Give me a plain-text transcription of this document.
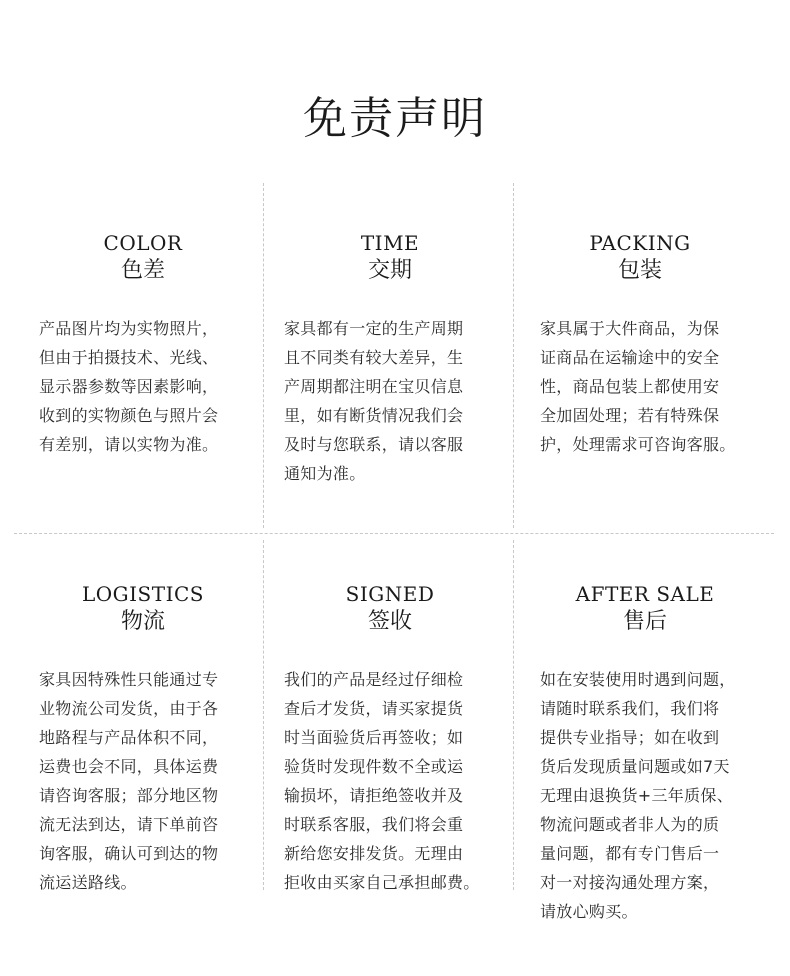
免责声明

COLOR

色差

产品图片均为实物照片，
但由于拍摄技术、光线、
显示器参数等因素影响，
收到的实物颜色与照片会
有差别，请以实物为准。

TIME

交期

家具都有一定的生产周期
且不同类有较大差异，生
产周期都注明在宝贝信息
里，如有断货情况我们会
及时与您联系，请以客服
通知为准。

PACKING

包装

家具属于大件商品，为保
证商品在运输途中的安全
性，商品包装上都使用安
全加固处理；若有特殊保
护，处理需求可咨询客服。

LOGISTICS

物流

家具因特殊性只能通过专
业物流公司发货，由于各
地路程与产品体积不同，
运费也会不同，具体运费
请咨询客服；部分地区物
流无法到达，请下单前咨
询客服，确认可到达的物
流运送路线。

SIGNED

签收

我们的产品是经过仔细检
查后才发货，请买家提货
时当面验货后再签收；如
验货时发现件数不全或运
输损坏，请拒绝签收并及
时联系客服，我们将会重
新给您安排发货。无理由
拒收由买家自己承担邮费。

AFTER SALE

售后

如在安装使用时遇到问题，
请随时联系我们，我们将
提供专业指导；如在收到
货后发现质量问题或如7天
无理由退换货+三年质保、
物流问题或者非人为的质
量问题，都有专门售后一
对一对接沟通处理方案，
请放心购买。
